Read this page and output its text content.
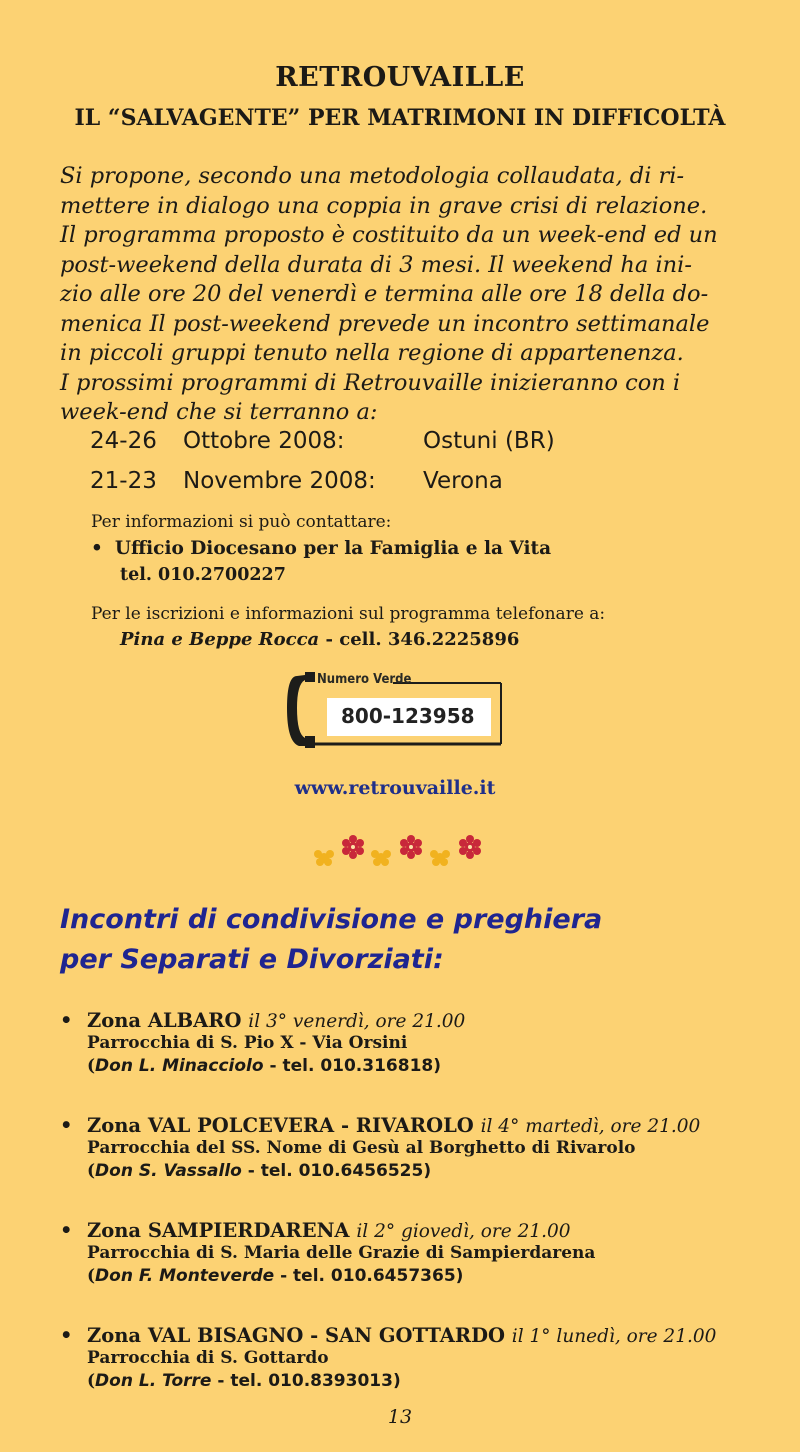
RETROUVAILLE
IL “SALVAGENTE” PER MATRIMONI IN DIFFICOLTÀ

Si propone, secondo una metodologia collaudata, di ri-

mettere in dialogo una coppia in grave crisi di relazione.

Il programma proposto è costituito da un week-end ed un

post-weekend della durata di 3 mesi. Il weekend ha ini-

zio alle ore 20 del venerdì e termina alle ore 18 della do-

menica Il post-weekend prevede un incontro settimanale

in piccoli gruppi tenuto nella regione di appartenenza.

I prossimi programmi di Retrouvaille inizieranno con i

week-end che si terranno a:

24-26 Ottobre 2008:	Ostuni (BR)
21-23 Novembre 2008: Verona
Per informazioni si può contattare:
• Ufficio Diocesano per la Famiglia e la Vita
tel. 010.2700227
Per le iscrizioni e informazioni sul programma telefonare a:
Pina e Beppe Rocca - cell. 346.2225896
Numero Verde
800-123958
www.retrouvaille.it
Incontri di condivisione e preghiera
per Separati e Divorziati:
• Zona ALBARO il 3° venerdì, ore 21.00
Parrocchia di S. Pio X - Via Orsini
(Don L. Minacciolo - tel. 010.316818)
• Zona VAL POLCEVERA - RIVAROLO il 4° martedì, ore 21.00
Parrocchia del SS. Nome di Gesù al Borghetto di Rivarolo
(Don S. Vassallo - tel. 010.6456525)
• Zona SAMPIERDARENA il 2° giovedì, ore 21.00
Parrocchia di S. Maria delle Grazie di Sampierdarena
(Don F. Monteverde - tel. 010.6457365)
• Zona VAL BISAGNO - SAN GOTTARDO il 1° lunedì, ore 21.00
Parrocchia di S. Gottardo
(Don L. Torre - tel. 010.8393013)
13
